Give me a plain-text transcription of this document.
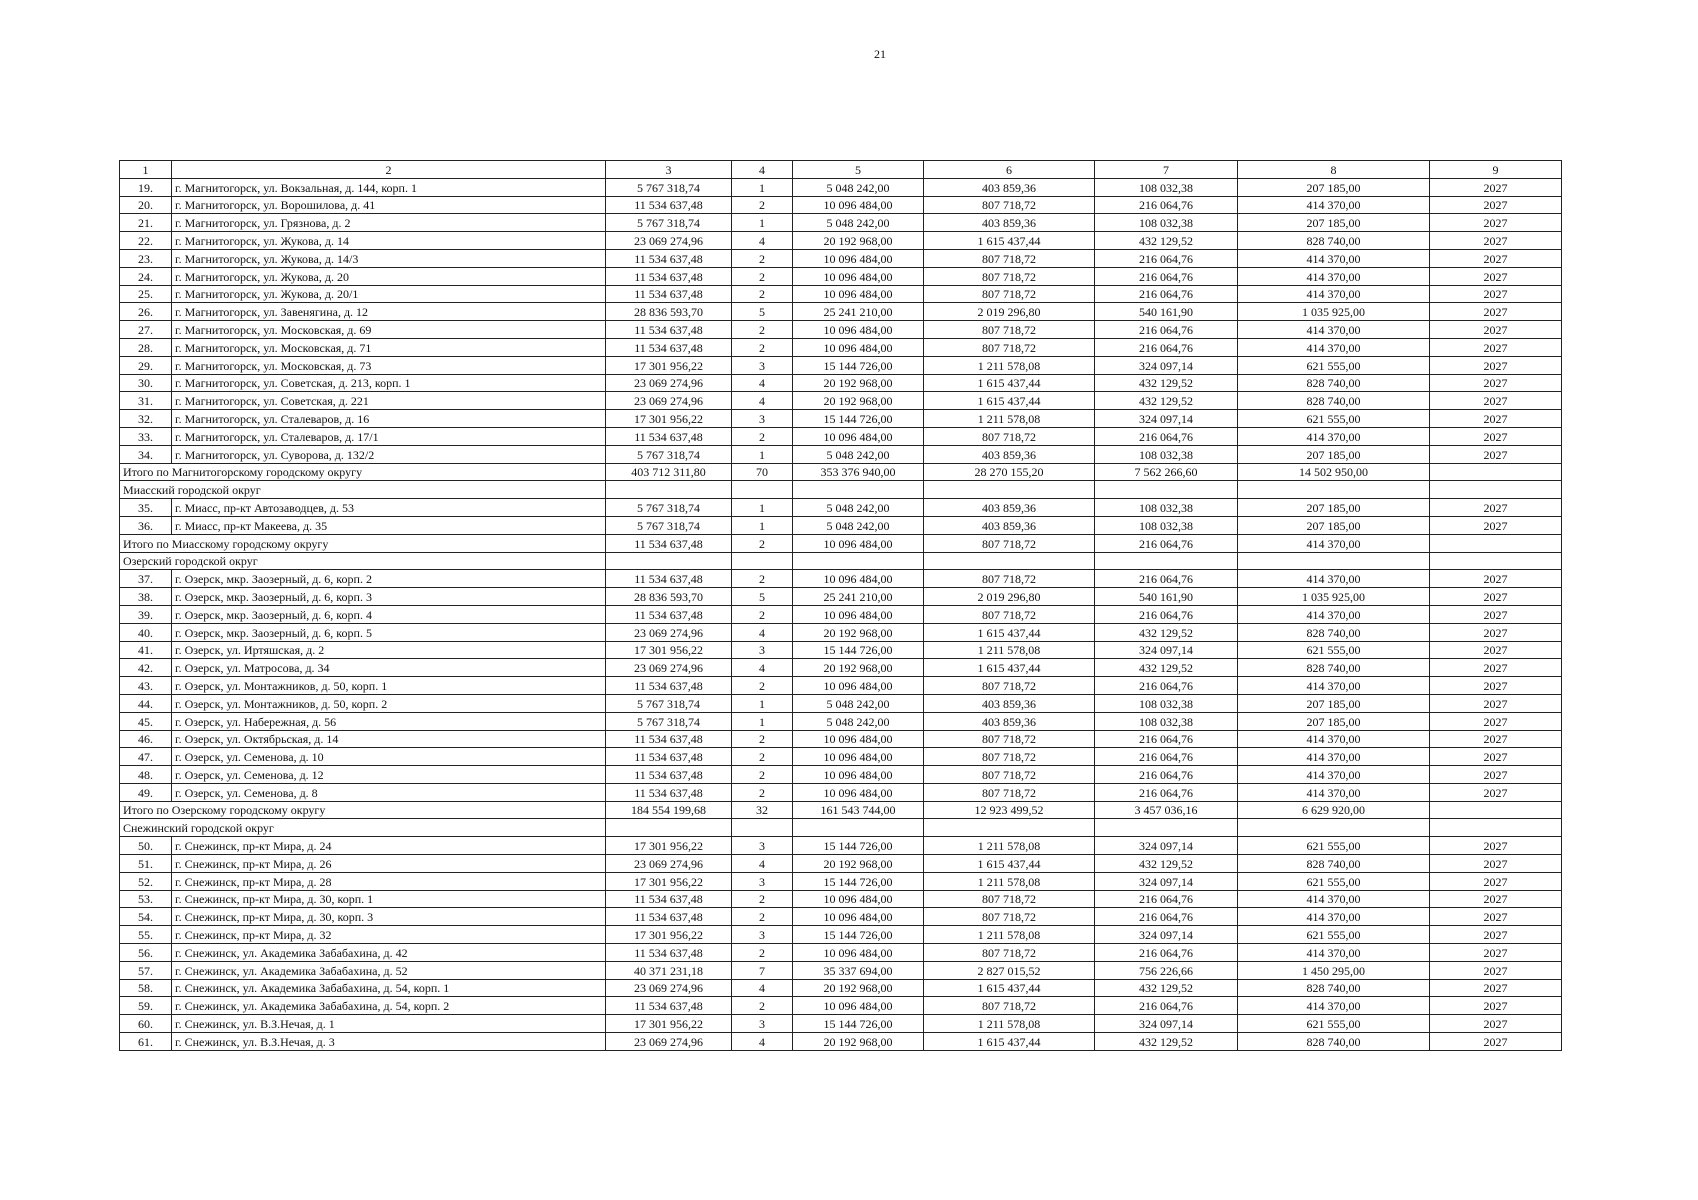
21
1	2	3	4	5	6	7	8	9
19.	г. Магнитогорск, ул. Вокзальная, д. 144, корп. 1	5 767 318,74	1	5 048 242,00	403 859,36	108 032,38	207 185,00	2027
20.	г. Магнитогорск, ул. Ворошилова, д. 41	11 534 637,48	2	10 096 484,00	807 718,72	216 064,76	414 370,00	2027
21.	г. Магнитогорск, ул. Грязнова, д. 2	5 767 318,74	1	5 048 242,00	403 859,36	108 032,38	207 185,00	2027
22.	г. Магнитогорск, ул. Жукова, д. 14	23 069 274,96	4	20 192 968,00	1 615 437,44	432 129,52	828 740,00	2027
23.	г. Магнитогорск, ул. Жукова, д. 14/3	11 534 637,48	2	10 096 484,00	807 718,72	216 064,76	414 370,00	2027
24.	г. Магнитогорск, ул. Жукова, д. 20	11 534 637,48	2	10 096 484,00	807 718,72	216 064,76	414 370,00	2027
25.	г. Магнитогорск, ул. Жукова, д. 20/1	11 534 637,48	2	10 096 484,00	807 718,72	216 064,76	414 370,00	2027
26.	г. Магнитогорск, ул. Завенягина, д. 12	28 836 593,70	5	25 241 210,00	2 019 296,80	540 161,90	1 035 925,00	2027
27.	г. Магнитогорск, ул. Московская, д. 69	11 534 637,48	2	10 096 484,00	807 718,72	216 064,76	414 370,00	2027
28.	г. Магнитогорск, ул. Московская, д. 71	11 534 637,48	2	10 096 484,00	807 718,72	216 064,76	414 370,00	2027
29.	г. Магнитогорск, ул. Московская, д. 73	17 301 956,22	3	15 144 726,00	1 211 578,08	324 097,14	621 555,00	2027
30.	г. Магнитогорск, ул. Советская, д. 213, корп. 1	23 069 274,96	4	20 192 968,00	1 615 437,44	432 129,52	828 740,00	2027
31.	г. Магнитогорск, ул. Советская, д. 221	23 069 274,96	4	20 192 968,00	1 615 437,44	432 129,52	828 740,00	2027
32.	г. Магнитогорск, ул. Сталеваров, д. 16	17 301 956,22	3	15 144 726,00	1 211 578,08	324 097,14	621 555,00	2027
33.	г. Магнитогорск, ул. Сталеваров, д. 17/1	11 534 637,48	2	10 096 484,00	807 718,72	216 064,76	414 370,00	2027
34.	г. Магнитогорск, ул. Суворова, д. 132/2	5 767 318,74	1	5 048 242,00	403 859,36	108 032,38	207 185,00	2027
Итого по Магнитогорскому городскому округу		403 712 311,80	70	353 376 940,00	28 270 155,20	7 562 266,60	14 502 950,00	
Миасский городской округ								
35.	г. Миасс, пр-кт Автозаводцев, д. 53	5 767 318,74	1	5 048 242,00	403 859,36	108 032,38	207 185,00	2027
36.	г. Миасс, пр-кт Макеева, д. 35	5 767 318,74	1	5 048 242,00	403 859,36	108 032,38	207 185,00	2027
Итого по Миасскому городскому округу		11 534 637,48	2	10 096 484,00	807 718,72	216 064,76	414 370,00	
Озерский городской округ								
37.	г. Озерск, мкр. Заозерный, д. 6, корп. 2	11 534 637,48	2	10 096 484,00	807 718,72	216 064,76	414 370,00	2027
38.	г. Озерск, мкр. Заозерный, д. 6, корп. 3	28 836 593,70	5	25 241 210,00	2 019 296,80	540 161,90	1 035 925,00	2027
39.	г. Озерск, мкр. Заозерный, д. 6, корп. 4	11 534 637,48	2	10 096 484,00	807 718,72	216 064,76	414 370,00	2027
40.	г. Озерск, мкр. Заозерный, д. 6, корп. 5	23 069 274,96	4	20 192 968,00	1 615 437,44	432 129,52	828 740,00	2027
41.	г. Озерск, ул. Иртяшская, д. 2	17 301 956,22	3	15 144 726,00	1 211 578,08	324 097,14	621 555,00	2027
42.	г. Озерск, ул. Матросова, д. 34	23 069 274,96	4	20 192 968,00	1 615 437,44	432 129,52	828 740,00	2027
43.	г. Озерск, ул. Монтажников, д. 50, корп. 1	11 534 637,48	2	10 096 484,00	807 718,72	216 064,76	414 370,00	2027
44.	г. Озерск, ул. Монтажников, д. 50, корп. 2	5 767 318,74	1	5 048 242,00	403 859,36	108 032,38	207 185,00	2027
45.	г. Озерск, ул. Набережная, д. 56	5 767 318,74	1	5 048 242,00	403 859,36	108 032,38	207 185,00	2027
46.	г. Озерск, ул. Октябрьская, д. 14	11 534 637,48	2	10 096 484,00	807 718,72	216 064,76	414 370,00	2027
47.	г. Озерск, ул. Семенова, д. 10	11 534 637,48	2	10 096 484,00	807 718,72	216 064,76	414 370,00	2027
48.	г. Озерск, ул. Семенова, д. 12	11 534 637,48	2	10 096 484,00	807 718,72	216 064,76	414 370,00	2027
49.	г. Озерск, ул. Семенова, д. 8	11 534 637,48	2	10 096 484,00	807 718,72	216 064,76	414 370,00	2027
Итого по Озерскому городскому округу		184 554 199,68	32	161 543 744,00	12 923 499,52	3 457 036,16	6 629 920,00	
Снежинский городской округ								
50.	г. Снежинск, пр-кт Мира, д. 24	17 301 956,22	3	15 144 726,00	1 211 578,08	324 097,14	621 555,00	2027
51.	г. Снежинск, пр-кт Мира, д. 26	23 069 274,96	4	20 192 968,00	1 615 437,44	432 129,52	828 740,00	2027
52.	г. Снежинск, пр-кт Мира, д. 28	17 301 956,22	3	15 144 726,00	1 211 578,08	324 097,14	621 555,00	2027
53.	г. Снежинск, пр-кт Мира, д. 30, корп. 1	11 534 637,48	2	10 096 484,00	807 718,72	216 064,76	414 370,00	2027
54.	г. Снежинск, пр-кт Мира, д. 30, корп. 3	11 534 637,48	2	10 096 484,00	807 718,72	216 064,76	414 370,00	2027
55.	г. Снежинск, пр-кт Мира, д. 32	17 301 956,22	3	15 144 726,00	1 211 578,08	324 097,14	621 555,00	2027
56.	г. Снежинск, ул. Академика Забабахина, д. 42	11 534 637,48	2	10 096 484,00	807 718,72	216 064,76	414 370,00	2027
57.	г. Снежинск, ул. Академика Забабахина, д. 52	40 371 231,18	7	35 337 694,00	2 827 015,52	756 226,66	1 450 295,00	2027
58.	г. Снежинск, ул. Академика Забабахина, д. 54, корп. 1	23 069 274,96	4	20 192 968,00	1 615 437,44	432 129,52	828 740,00	2027
59.	г. Снежинск, ул. Академика Забабахина, д. 54, корп. 2	11 534 637,48	2	10 096 484,00	807 718,72	216 064,76	414 370,00	2027
60.	г. Снежинск, ул. В.З.Нечая, д. 1	17 301 956,22	3	15 144 726,00	1 211 578,08	324 097,14	621 555,00	2027
61.	г. Снежинск, ул. В.З.Нечая, д. 3	23 069 274,96	4	20 192 968,00	1 615 437,44	432 129,52	828 740,00	2027
